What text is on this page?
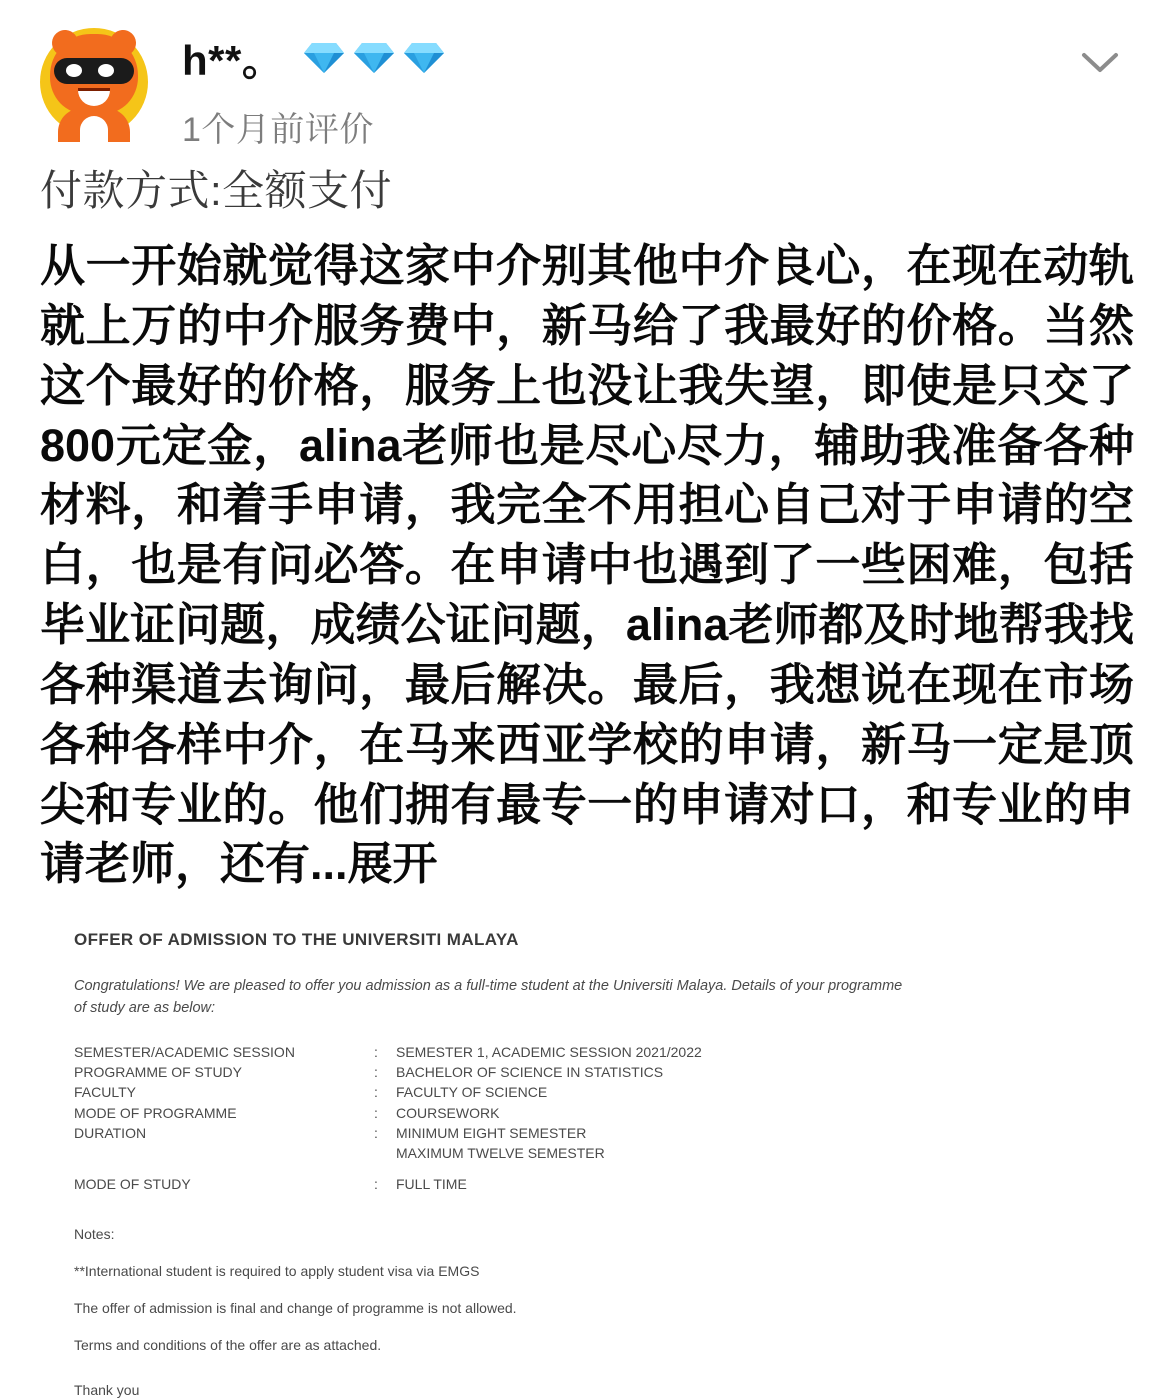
h**。
1个月前评价
付款方式:全额支付
从一开始就觉得这家中介别其他中介良心，在现在动轨就上万的中介服务费中，新马给了我最好的价格。当然这个最好的价格，服务上也没让我失望，即使是只交了800元定金，alina老师也是尽心尽力，辅助我准备各种材料，和着手申请，我完全不用担心自己对于申请的空白，也是有问必答。在申请中也遇到了一些困难，包括毕业证问题，成绩公证问题，alina老师都及时地帮我找各种渠道去询问，最后解决。最后，我想说在现在市场各种各样中介，在马来西亚学校的申请，新马一定是顶尖和专业的。他们拥有最专一的申请对口，和专业的申请老师，还有...展开
OFFER OF ADMISSION TO THE UNIVERSITI MALAYA
Congratulations! We are pleased to offer you admission as a full-time student at the Universiti Malaya. Details of your programme of study are as below:
SEMESTER/ACADEMIC SESSION	:	SEMESTER 1, ACADEMIC SESSION 2021/2022
PROGRAMME OF STUDY	:	BACHELOR OF SCIENCE IN STATISTICS
FACULTY	:	FACULTY OF SCIENCE
MODE OF PROGRAMME	:	COURSEWORK
DURATION	:	MINIMUM EIGHT SEMESTER
MAXIMUM TWELVE SEMESTER
MODE OF STUDY	:	FULL TIME
Notes:
**International student is required to apply student visa via EMGS
The offer of admission is final and change of programme is not allowed.
Terms and conditions of the offer are as attached.
Thank you
